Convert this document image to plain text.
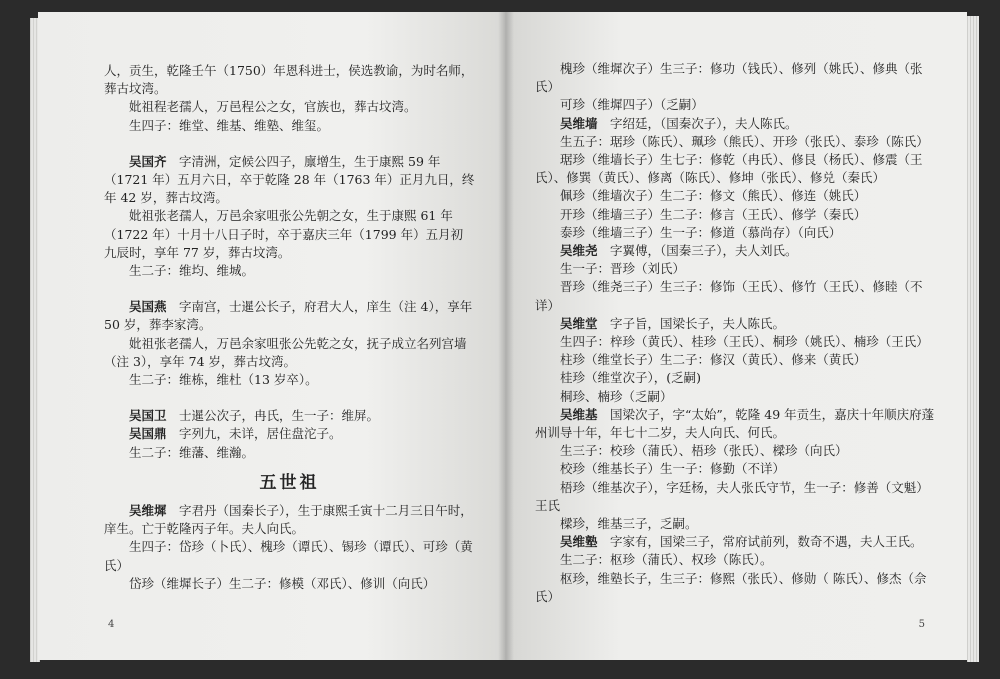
人，贡生，乾隆壬午（1750）年恩科进士，侯选教谕，为时名师，葬古坟湾。

妣祖程老孺人，万邑程公之女，官族也，葬古坟湾。

生四子：维堂、维基、维塾、维玺。

吴国齐　字清洲，定候公四子，廪增生，生于康熙 59 年（1721 年）五月六日，卒于乾隆 28 年（1763 年）正月九日，终年 42 岁，葬古坟湾。

妣祖张老孺人，万邑余家咀张公先朝之女，生于康熙 61 年（1722 年）十月十八日子时，卒于嘉庆三年（1799 年）五月初九辰时，享年 77 岁，葬古坟湾。

生二子：维均、维城。

吴国燕　字南宫，士暹公长子，府君大人，庠生（注 4），享年 50 岁，葬李家湾。

妣祖张老孺人，万邑余家咀张公先乾之女，抚子成立名列宫墙（注 3），享年 74 岁，葬古坟湾。

生二子：维栋，维杜（13 岁卒）。

吴国卫　士暹公次子，冉氏，生一子：维屏。

吴国鼎　字列九，未详，居住盘沱子。

生二子：维藩、维瀚。

五世祖

吴维墀　字君丹（国秦长子），生于康熙壬寅十二月三日午时，庠生。亡于乾隆丙子年。夫人向氏。

生四子：岱珍（卜氏）、槐珍（谭氏）、锡珍（谭氏）、可珍（黄氏）

岱珍（维墀长子）生二子：修模（邓氏）、修训（向氏）

4

槐珍（维墀次子）生三子：修功（钱氏）、修列（姚氏）、修典（张氏）

可珍（维墀四子）（乏嗣）

吴维墙　字绍廷，（国秦次子），夫人陈氏。

生五子：琚珍（陈氏）、珮珍（熊氏）、开珍（张氏）、泰珍（陈氏）

琚珍（维墙长子）生七子：修乾（冉氏）、修艮（杨氏）、修震（王氏）、修巽（黄氏）、修离（陈氏）、修坤（张氏）、修兑（秦氏）

佩珍（维墙次子）生二子：修文（熊氏）、修连（姚氏）

开珍（维墙三子）生二子：修言（王氏）、修学（秦氏）

泰珍（维墙三子）生一子：修道（慕尚存）（向氏）

吴维尧　字翼傅，（国秦三子），夫人刘氏。

生一子：晋珍（刘氏）

晋珍（维尧三子）生三子：修饰（王氏）、修竹（王氏）、修睦（不详）

吴维堂　字子旨，国梁长子，夫人陈氏。

生四子：梓珍（黄氏）、桂珍（王氏）、桐珍（姚氏）、楠珍（王氏）

柱珍（维堂长子）生二子：修汉（黄氏）、修来（黄氏）

桂珍（维堂次子），(乏嗣)

桐珍、楠珍（乏嗣）

吴维基　国梁次子，字“太始”，乾隆 49 年贡生，嘉庆十年顺庆府蓬州训导十年，年七十二岁，夫人向氏、何氏。

生三子：校珍（蒲氏）、梧珍（张氏）、樑珍（向氏）

校珍（维基长子）生一子：修勤（不详）

梧珍（维基次子），字廷杨，夫人张氏守节，生一子：修善（文魁）王氏

樑珍，维基三子，乏嗣。

吴维塾　字家有，国梁三子，常府试前列，数奇不遇，夫人王氏。

生二子：枢珍（蒲氏）、权珍（陈氏）。

枢珍，维塾长子，生三子：修熙（张氏）、修勋（ 陈氏）、修杰（佘氏）

5
